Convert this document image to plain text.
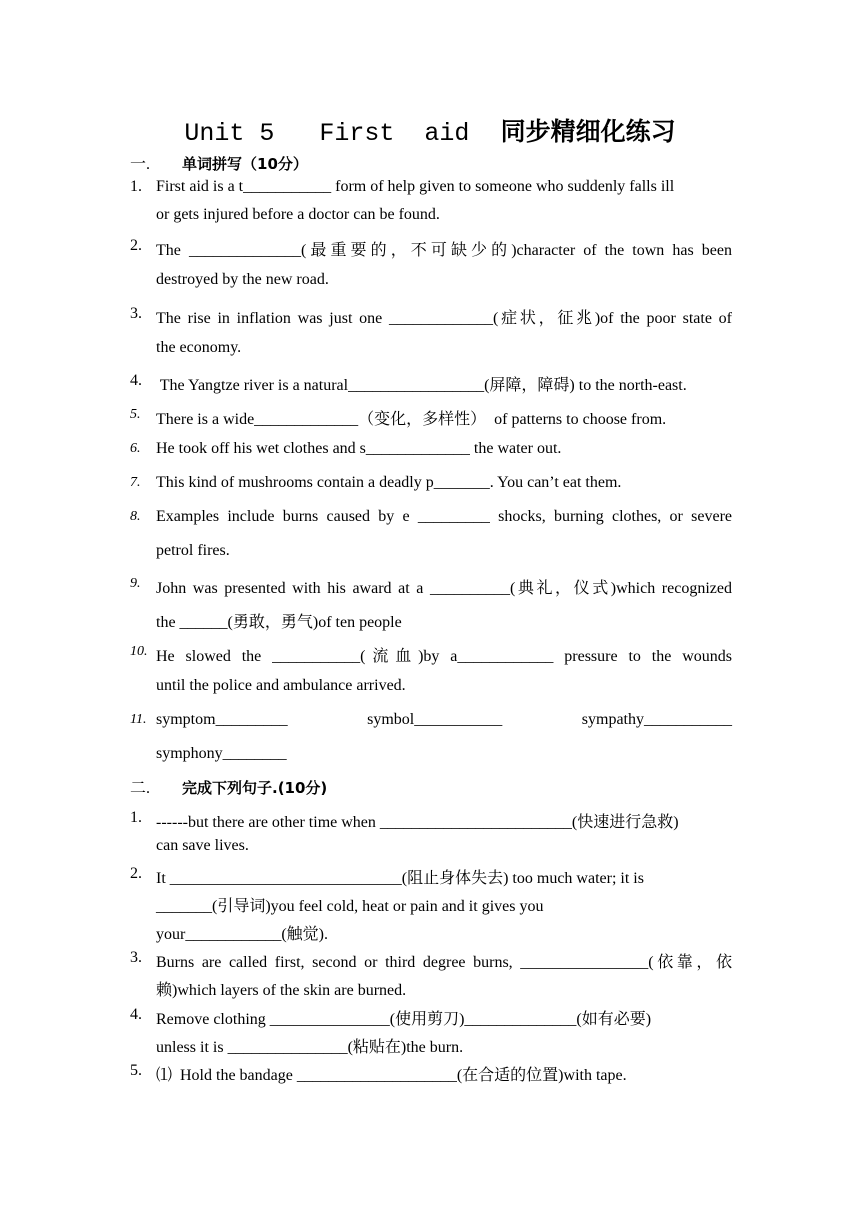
Unit 5   First  aid 同步精细化练习
一. 单词拼写（10分）
1. First aid is a t___________ form of help given to someone who suddenly falls ill
or gets injured before a doctor can be found.
2. The ______________(最重要的，不可缺少的)character of the town has been
destroyed by the new road.
3. The rise in inflation was just one _____________(症状，征兆)of the poor state of
the economy.
4. The Yangtze river is a natural_________________(屏障，障碍) to the north-east.
5. There is a wide_____________（变化，多样性）  of patterns to choose from.
6. He took off his wet clothes and s_____________ the water out.
7. This kind of mushrooms contain a deadly p_______. You can’t eat them.
8. Examples include burns caused by e _________ shocks, burning clothes, or severe
petrol fires.
9. John was presented with his award at a __________(典礼，仪式)which recognized
the ______(勇敢，勇气)of ten people
10. He slowed the ___________(流血)by a____________ pressure to the wounds
until the police and ambulance arrived.
11. symptom_________          symbol___________          sympathy___________
symphony________
二. 完成下列句子.(10分)
1. ------but there are other time when ________________________(快速进行急救)
can save lives.
2. It _____________________________(阻止身体失去) too much water; it is
_______(引导词)you feel cold, heat or pain and it gives you
your____________(触觉).
3. Burns are called first, second or third degree burns, ________________(依靠，依
赖)which layers of the skin are burned.
4. Remove clothing _______________(使用剪刀)______________(如有必要)
unless it is _______________(粘贴在)the burn.
5. ⑴  Hold the bandage ____________________(在合适的位置)with tape.
